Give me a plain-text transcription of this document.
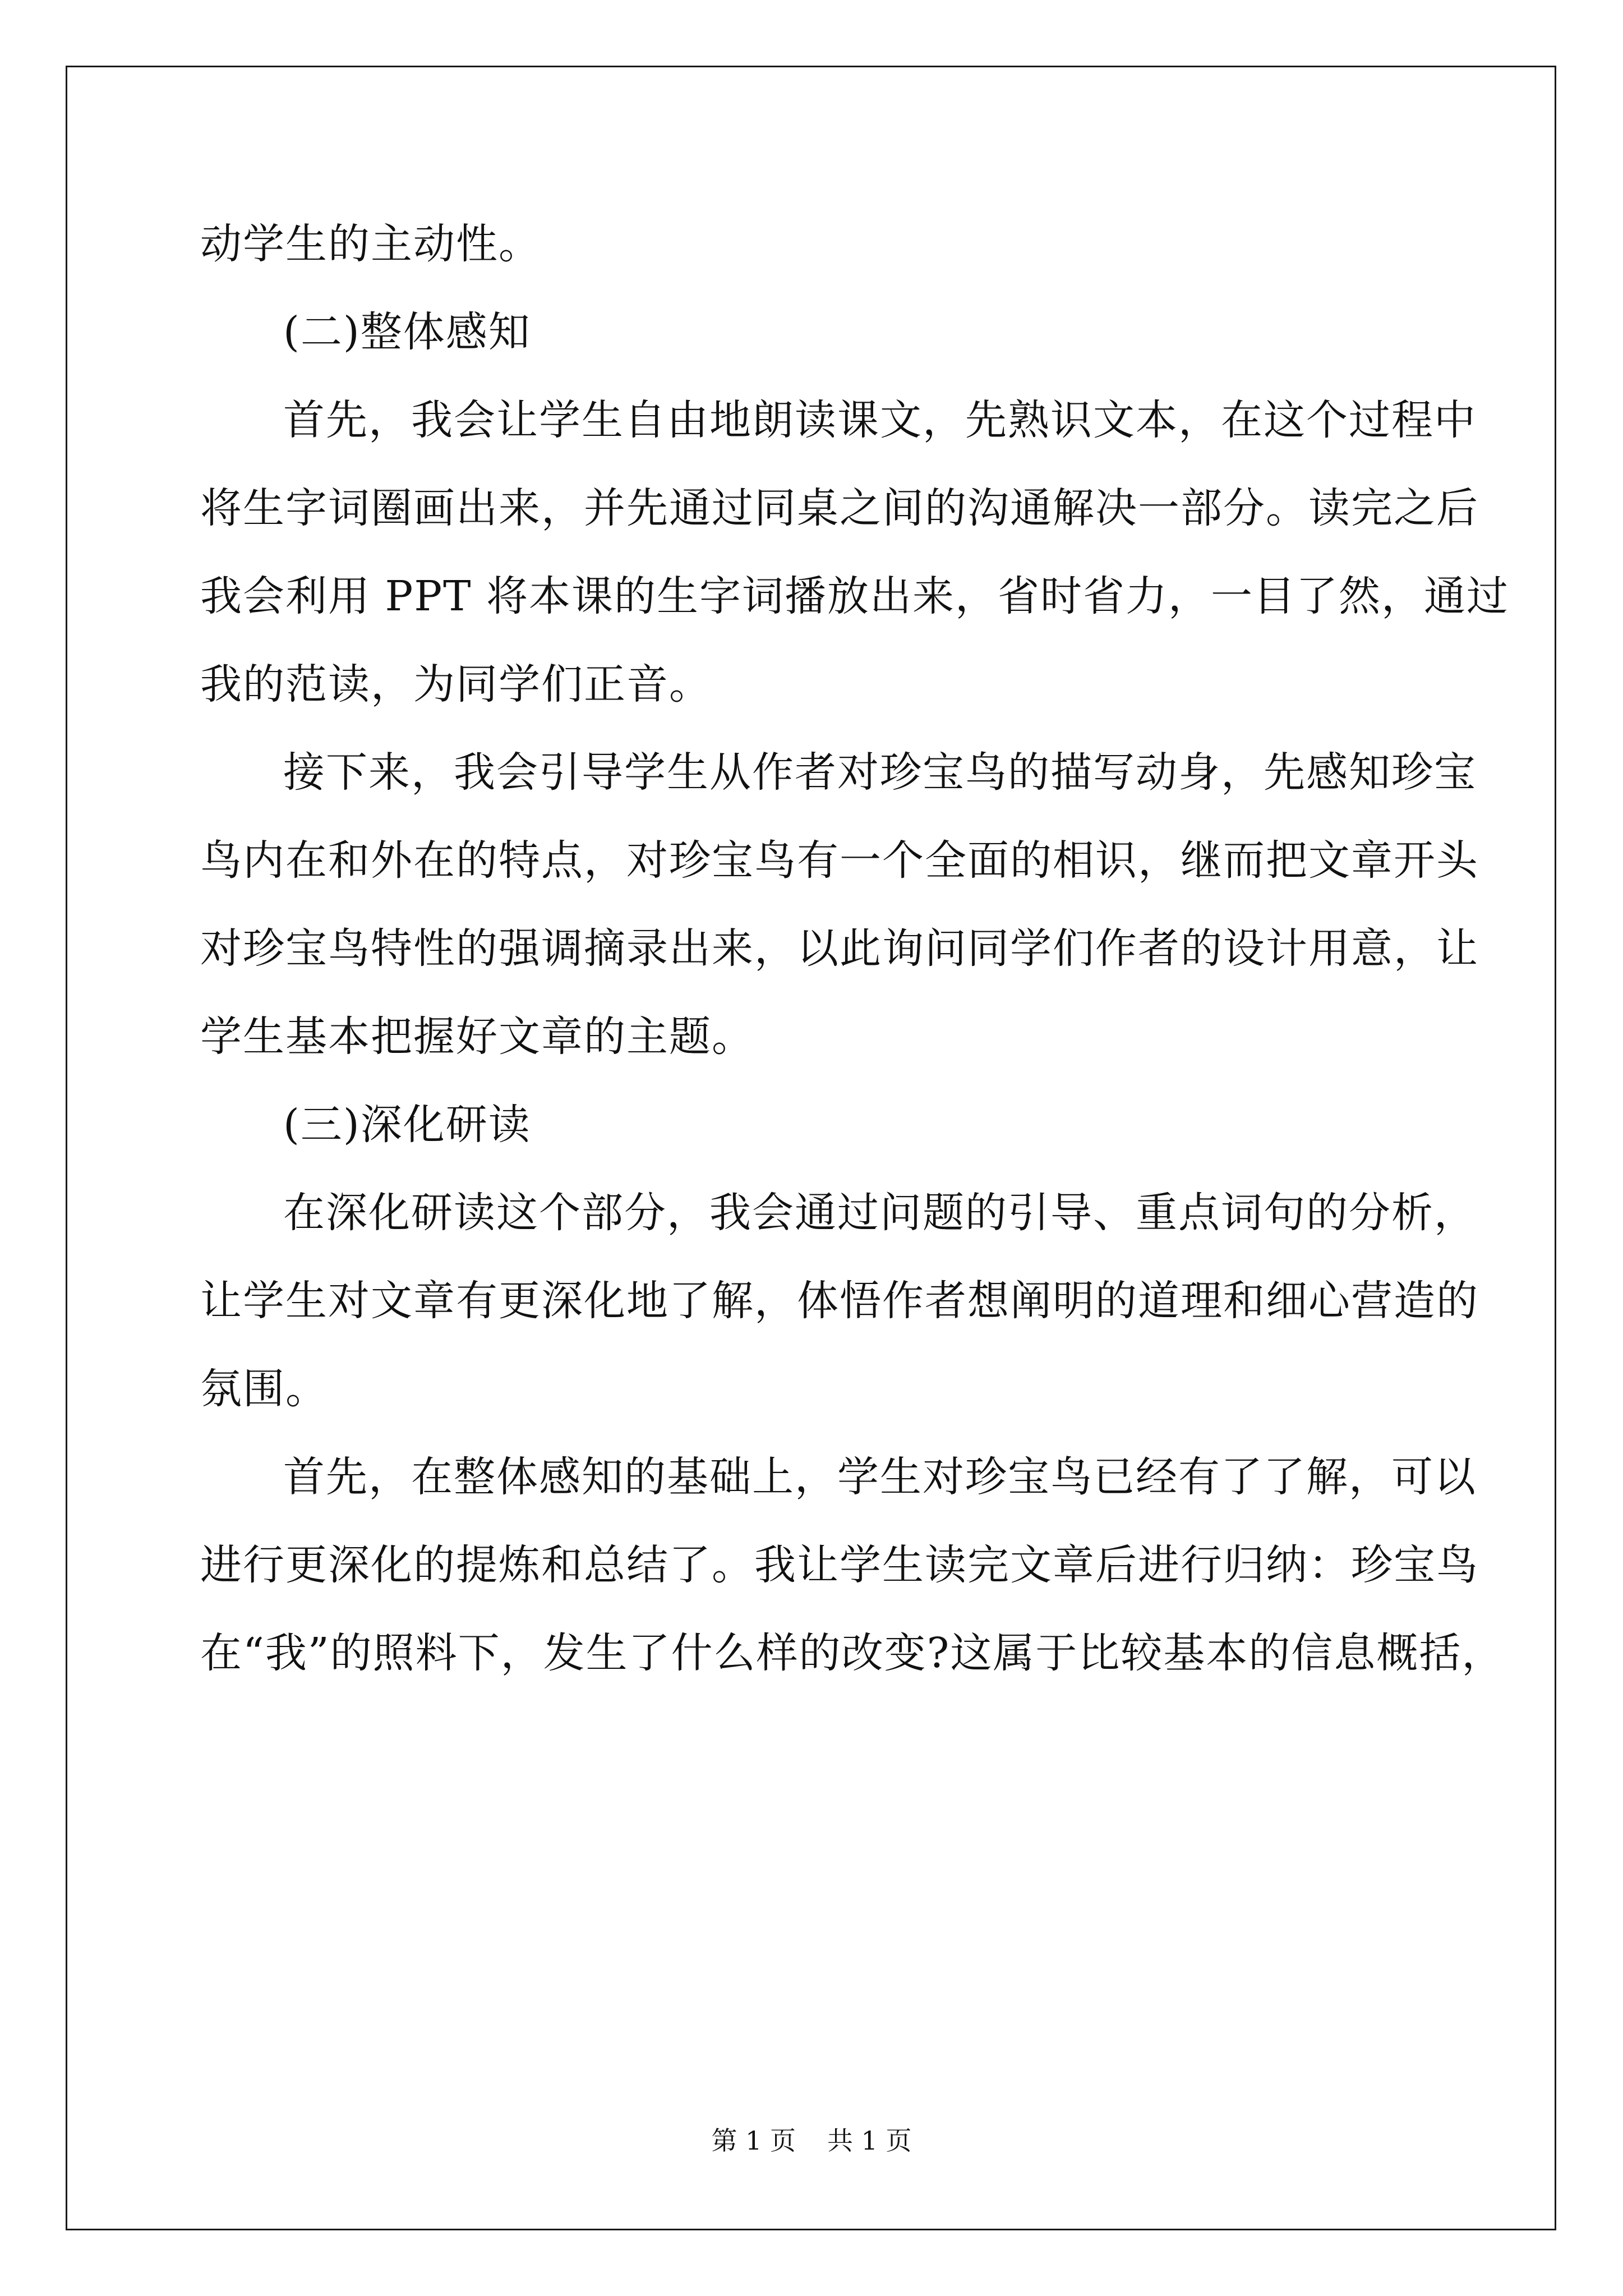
动学生的主动性。
(二)整体感知
首先，我会让学生自由地朗读课文，先熟识文本，在这个过程中
将生字词圈画出来，并先通过同桌之间的沟通解决一部分。读完之后
我会利用 PPT 将本课的生字词播放出来，省时省力，一目了然，通过
我的范读，为同学们正音。
接下来，我会引导学生从作者对珍宝鸟的描写动身，先感知珍宝
鸟内在和外在的特点，对珍宝鸟有一个全面的相识，继而把文章开头
对珍宝鸟特性的强调摘录出来，以此询问同学们作者的设计用意，让
学生基本把握好文章的主题。
(三)深化研读
在深化研读这个部分，我会通过问题的引导、重点词句的分析，
让学生对文章有更深化地了解，体悟作者想阐明的道理和细心营造的
氛围。
首先，在整体感知的基础上，学生对珍宝鸟已经有了了解，可以
进行更深化的提炼和总结了。我让学生读完文章后进行归纳：珍宝鸟
在“我”的照料下，发生了什么样的改变?这属于比较基本的信息概括，
第 1 页 共 1 页
